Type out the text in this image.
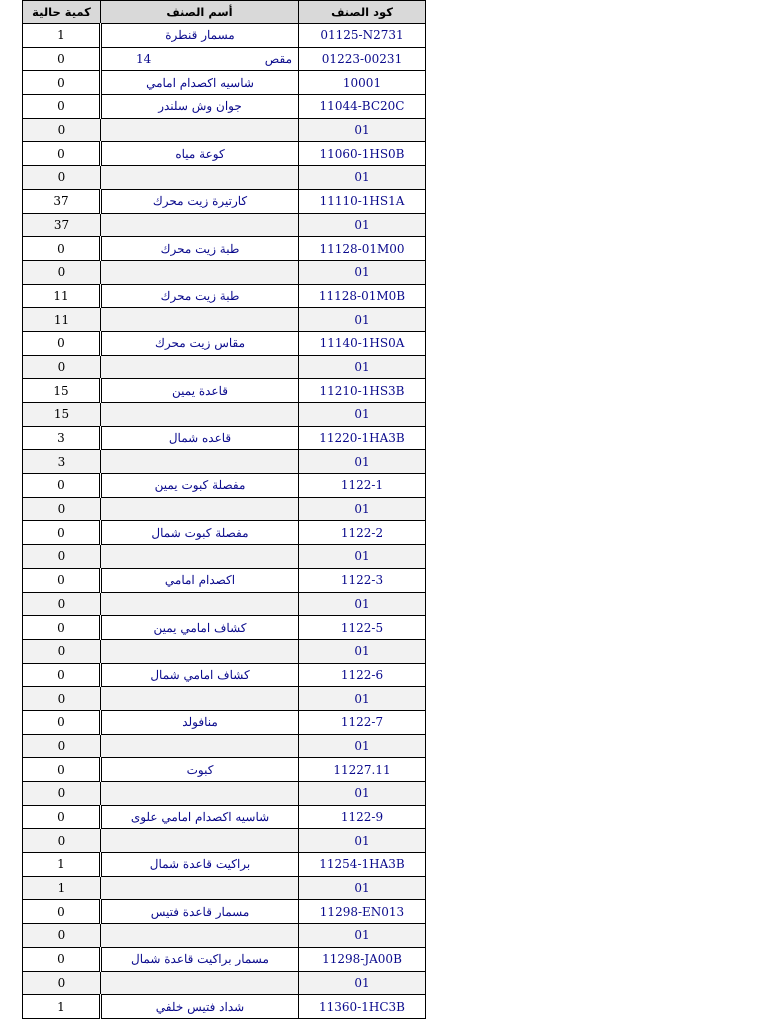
كمية حالية	أسم الصنف	كود الصنف
1	مسمار قنطرة	01125-N2731
0	14 مقص	01223-00231
0	شاسيه اكصدام امامي	10001
0	جوان وش سلندر	11044-BC20C
0		01
0	كوعة مياه	11060-1HS0B
0		01
37	كارتيرة زيت محرك	11110-1HS1A
37		01
0	طبة زيت محرك	11128-01M00
0		01
11	طبة زيت محرك	11128-01M0B
11		01
0	مقاس زيت محرك	11140-1HS0A
0		01
15	قاعدة يمين	11210-1HS3B
15		01
3	قاعده شمال	11220-1HA3B
3		01
0	مفصلة كبوت يمين	1122-1
0		01
0	مفصلة كبوت شمال	1122-2
0		01
0	اكصدام امامي	1122-3
0		01
0	كشاف امامي يمين	1122-5
0		01
0	كشاف امامي شمال	1122-6
0		01
0	منافولد	1122-7
0		01
0	كبوت	11227.11
0		01
0	شاسيه اكصدام امامي علوى	1122-9
0		01
1	براكيت قاعدة شمال	11254-1HA3B
1		01
0	مسمار قاعدة فتيس	11298-EN013
0		01
0	مسمار براكيت قاعدة شمال	11298-JA00B
0		01
1	شداد فتيس خلفي	11360-1HC3B
